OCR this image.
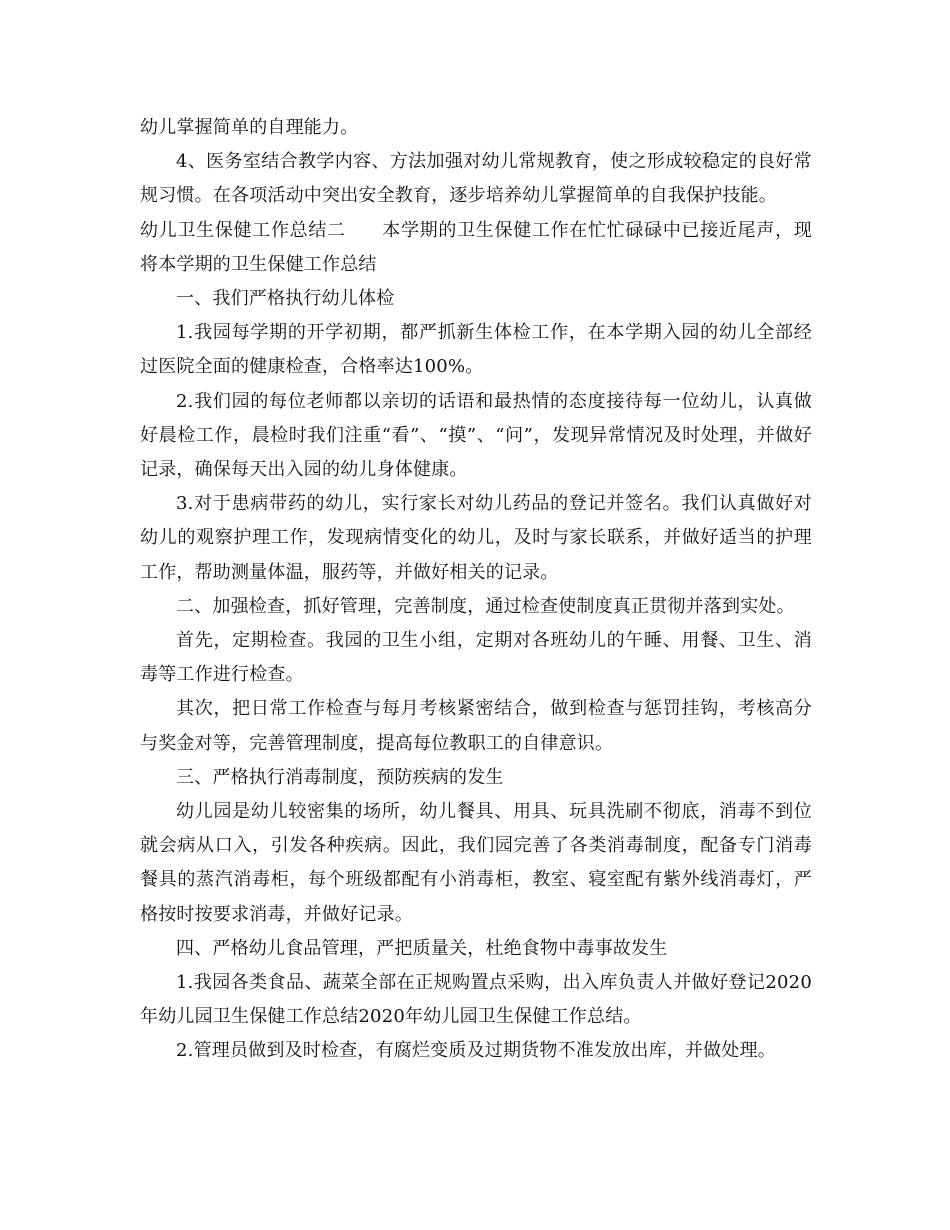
幼儿掌握简单的自理能力。

4、医务室结合教学内容、方法加强对幼儿常规教育，使之形成较稳定的良好常规习惯。在各项活动中突出安全教育，逐步培养幼儿掌握简单的自我保护技能。

幼儿卫生保健工作总结二 本学期的卫生保健工作在忙忙碌碌中已接近尾声，现将本学期的卫生保健工作总结

一、我们严格执行幼儿体检

1.我园每学期的开学初期，都严抓新生体检工作，在本学期入园的幼儿全部经过医院全面的健康检查，合格率达100%。

2.我们园的每位老师都以亲切的话语和最热情的态度接待每一位幼儿，认真做好晨检工作，晨检时我们注重“看”、“摸”、“问”，发现异常情况及时处理，并做好记录，确保每天出入园的幼儿身体健康。

3.对于患病带药的幼儿，实行家长对幼儿药品的登记并签名。我们认真做好对幼儿的观察护理工作，发现病情变化的幼儿，及时与家长联系，并做好适当的护理工作，帮助测量体温，服药等，并做好相关的记录。

二、加强检查，抓好管理，完善制度，通过检查使制度真正贯彻并落到实处。

首先，定期检查。我园的卫生小组，定期对各班幼儿的午睡、用餐、卫生、消毒等工作进行检查。

其次，把日常工作检查与每月考核紧密结合，做到检查与惩罚挂钩，考核高分与奖金对等，完善管理制度，提高每位教职工的自律意识。

三、严格执行消毒制度，预防疾病的发生

幼儿园是幼儿较密集的场所，幼儿餐具、用具、玩具洗刷不彻底，消毒不到位就会病从口入，引发各种疾病。因此，我们园完善了各类消毒制度，配备专门消毒餐具的蒸汽消毒柜，每个班级都配有小消毒柜，教室、寝室配有紫外线消毒灯，严格按时按要求消毒，并做好记录。

四、严格幼儿食品管理，严把质量关，杜绝食物中毒事故发生

1.我园各类食品、蔬菜全部在正规购置点采购，出入库负责人并做好登记2020年幼儿园卫生保健工作总结2020年幼儿园卫生保健工作总结。

2.管理员做到及时检查，有腐烂变质及过期货物不准发放出库，并做处理。
